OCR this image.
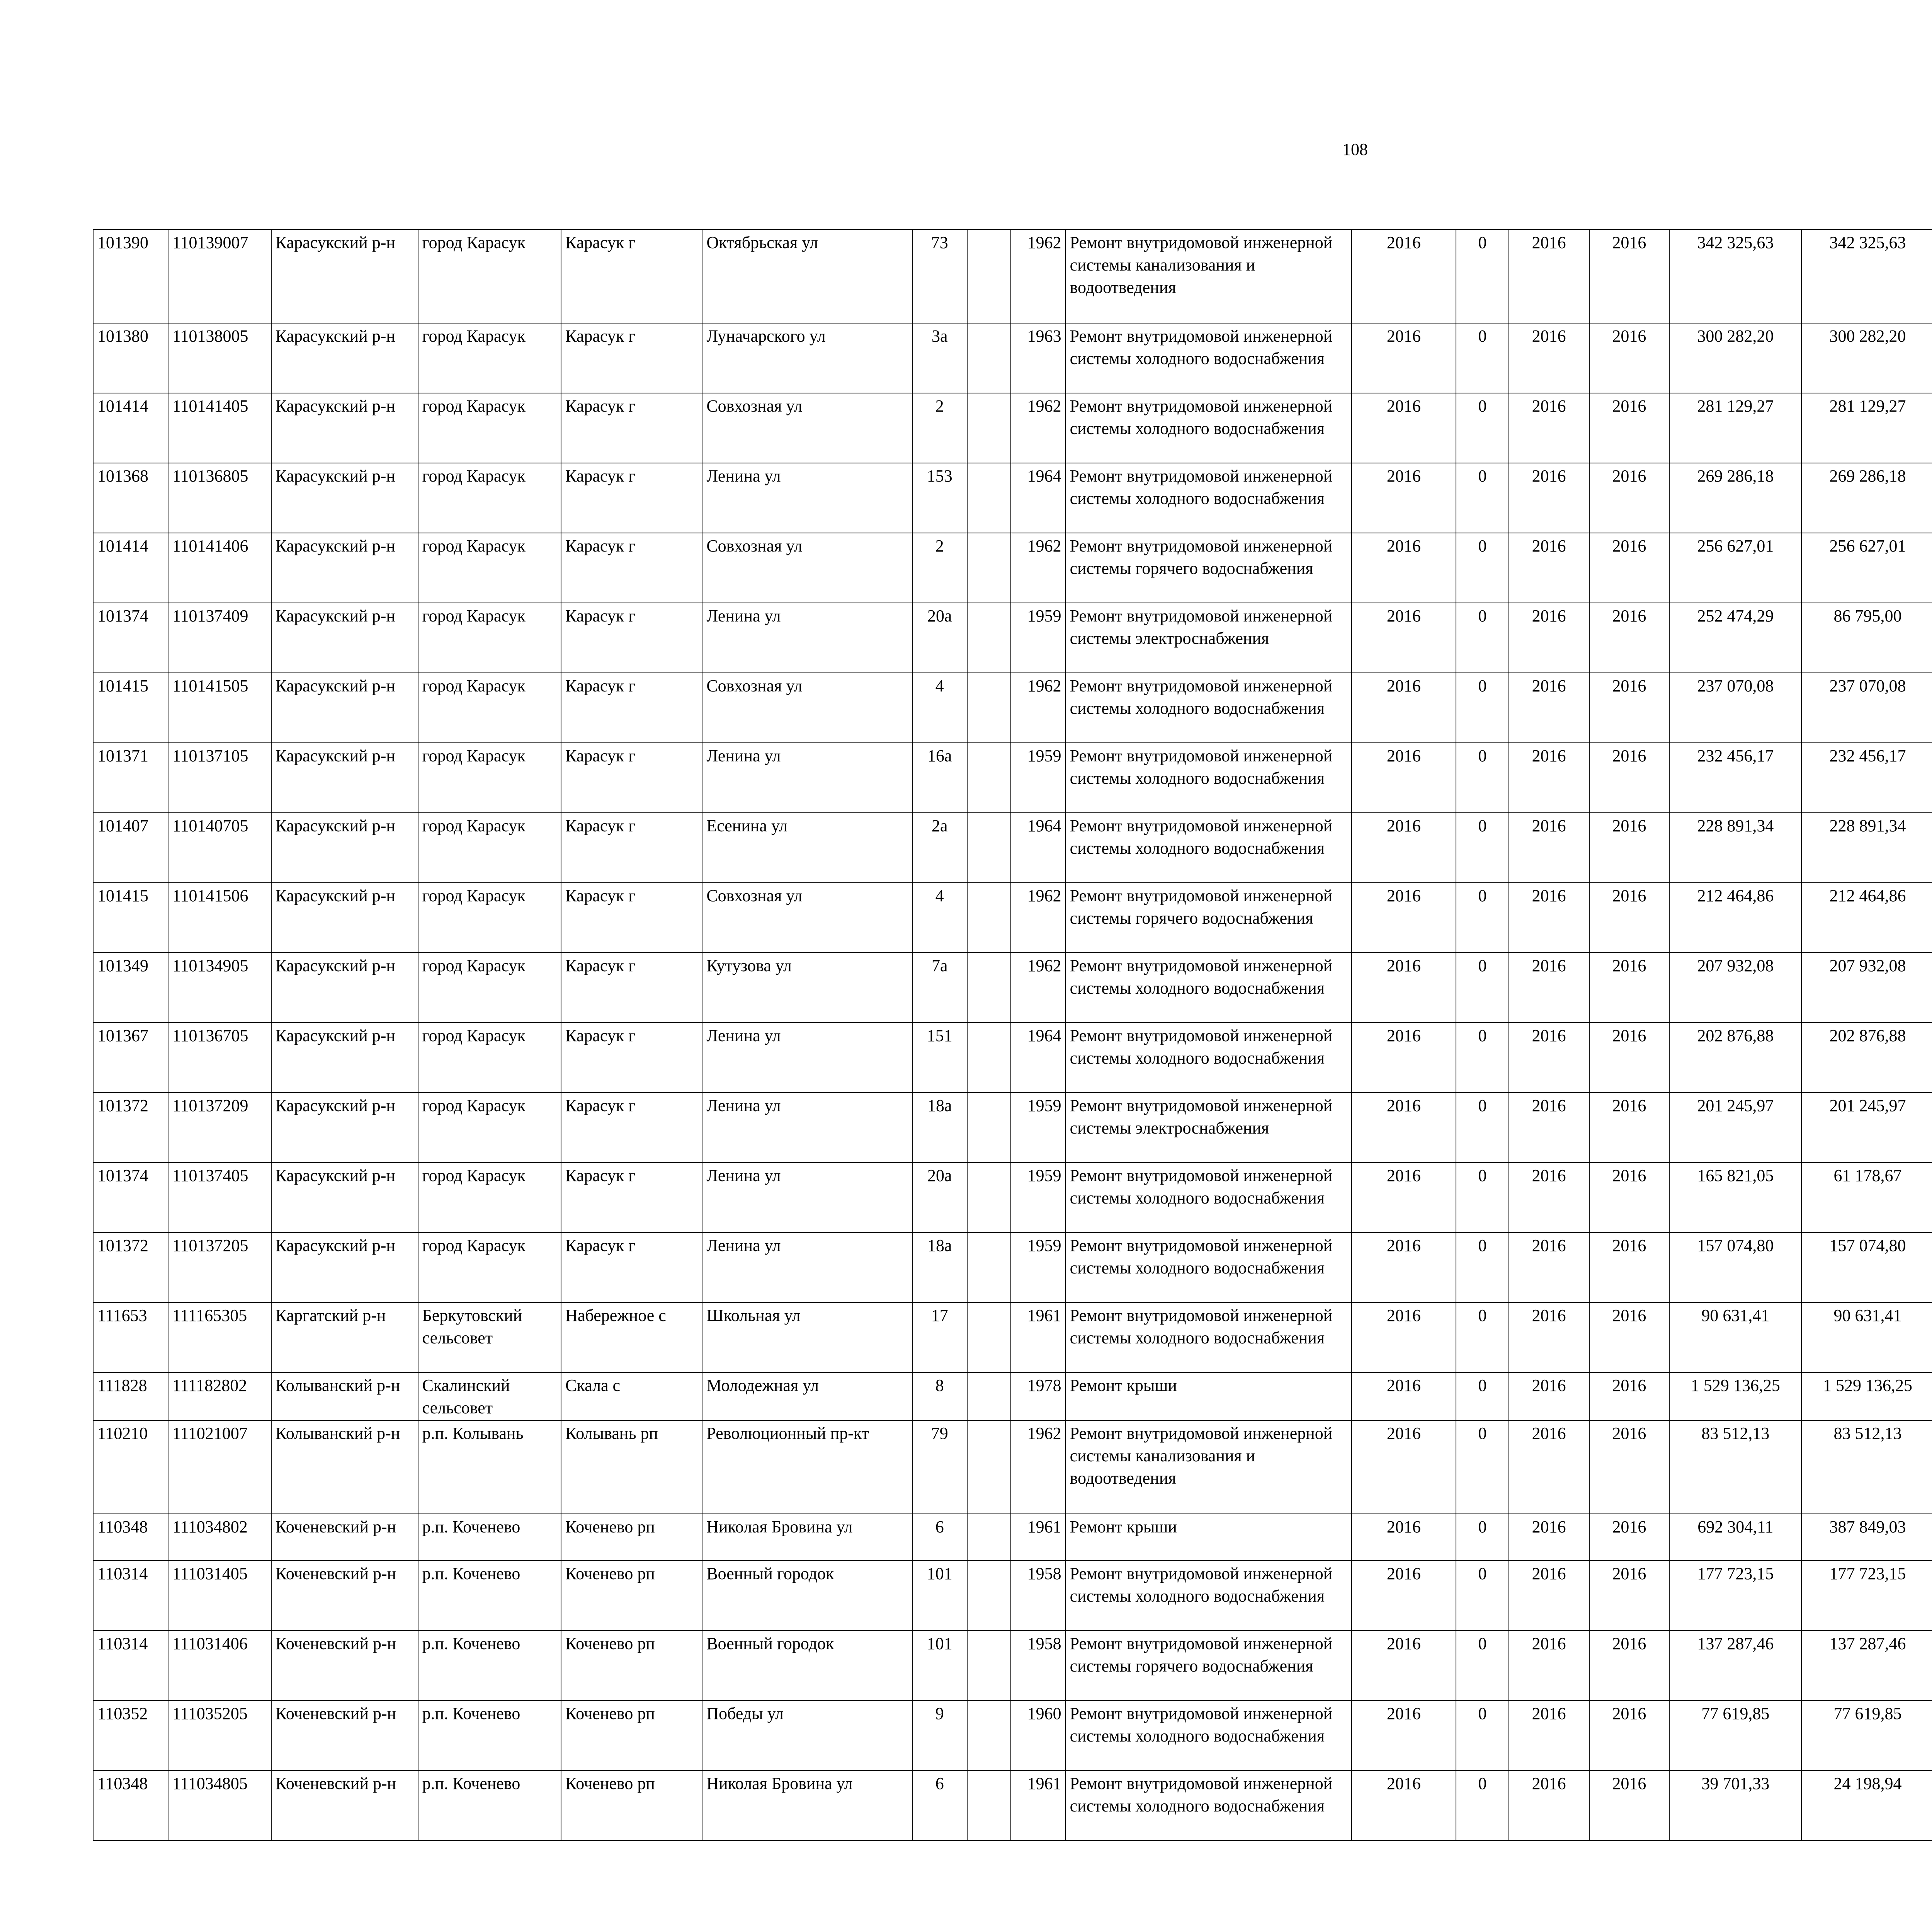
108
101390	110139007	Карасукский р-н	город Карасук	Карасук г	Октябрьская ул	73		1962	Ремонт внутридомовой инженерной системы канализования и водоотведения	2016	0	2016	2016	342 325,63	342 325,63					
101380	110138005	Карасукский р-н	город Карасук	Карасук г	Луначарского ул	3а		1963	Ремонт внутридомовой инженерной системы холодного водоснабжения	2016	0	2016	2016	300 282,20	300 282,20					
101414	110141405	Карасукский р-н	город Карасук	Карасук г	Совхозная ул	2		1962	Ремонт внутридомовой инженерной системы холодного водоснабжения	2016	0	2016	2016	281 129,27	281 129,27					
101368	110136805	Карасукский р-н	город Карасук	Карасук г	Ленина ул	153		1964	Ремонт внутридомовой инженерной системы холодного водоснабжения	2016	0	2016	2016	269 286,18	269 286,18					
101414	110141406	Карасукский р-н	город Карасук	Карасук г	Совхозная ул	2		1962	Ремонт внутридомовой инженерной системы горячего водоснабжения	2016	0	2016	2016	256 627,01	256 627,01					
101374	110137409	Карасукский р-н	город Карасук	Карасук г	Ленина ул	20а		1959	Ремонт внутридомовой инженерной системы электроснабжения	2016	0	2016	2016	252 474,29	86 795,00					
101415	110141505	Карасукский р-н	город Карасук	Карасук г	Совхозная ул	4		1962	Ремонт внутридомовой инженерной системы холодного водоснабжения	2016	0	2016	2016	237 070,08	237 070,08					
101371	110137105	Карасукский р-н	город Карасук	Карасук г	Ленина ул	16а		1959	Ремонт внутридомовой инженерной системы холодного водоснабжения	2016	0	2016	2016	232 456,17	232 456,17					
101407	110140705	Карасукский р-н	город Карасук	Карасук г	Есенина ул	2а		1964	Ремонт внутридомовой инженерной системы холодного водоснабжения	2016	0	2016	2016	228 891,34	228 891,34					
101415	110141506	Карасукский р-н	город Карасук	Карасук г	Совхозная ул	4		1962	Ремонт внутридомовой инженерной системы горячего водоснабжения	2016	0	2016	2016	212 464,86	212 464,86					
101349	110134905	Карасукский р-н	город Карасук	Карасук г	Кутузова ул	7а		1962	Ремонт внутридомовой инженерной системы холодного водоснабжения	2016	0	2016	2016	207 932,08	207 932,08					
101367	110136705	Карасукский р-н	город Карасук	Карасук г	Ленина ул	151		1964	Ремонт внутридомовой инженерной системы холодного водоснабжения	2016	0	2016	2016	202 876,88	202 876,88					
101372	110137209	Карасукский р-н	город Карасук	Карасук г	Ленина ул	18а		1959	Ремонт внутридомовой инженерной системы электроснабжения	2016	0	2016	2016	201 245,97	201 245,97					
101374	110137405	Карасукский р-н	город Карасук	Карасук г	Ленина ул	20а		1959	Ремонт внутридомовой инженерной системы холодного водоснабжения	2016	0	2016	2016	165 821,05	61 178,67					
101372	110137205	Карасукский р-н	город Карасук	Карасук г	Ленина ул	18а		1959	Ремонт внутридомовой инженерной системы холодного водоснабжения	2016	0	2016	2016	157 074,80	157 074,80					
111653	111165305	Каргатский р-н	Беркутовский сельсовет	Набережное с	Школьная ул	17		1961	Ремонт внутридомовой инженерной системы холодного водоснабжения	2016	0	2016	2016	90 631,41	90 631,41					
111828	111182802	Колыванский р-н	Скалинский сельсовет	Скала с	Молодежная ул	8		1978	Ремонт крыши	2016	0	2016	2016	1 529 136,25	1 529 136,25					
110210	111021007	Колыванский р-н	р.п. Колывань	Колывань рп	Революционный пр-кт	79		1962	Ремонт внутридомовой инженерной системы канализования и водоотведения	2016	0	2016	2016	83 512,13	83 512,13					
110348	111034802	Коченевский р-н	р.п. Коченево	Коченево рп	Николая Бровина ул	6		1961	Ремонт крыши	2016	0	2016	2016	692 304,11	387 849,03					
110314	111031405	Коченевский р-н	р.п. Коченево	Коченево рп	Военный городок	101		1958	Ремонт внутридомовой инженерной системы холодного водоснабжения	2016	0	2016	2016	177 723,15	177 723,15					
110314	111031406	Коченевский р-н	р.п. Коченево	Коченево рп	Военный городок	101		1958	Ремонт внутридомовой инженерной системы горячего водоснабжения	2016	0	2016	2016	137 287,46	137 287,46					
110352	111035205	Коченевский р-н	р.п. Коченево	Коченево рп	Победы ул	9		1960	Ремонт внутридомовой инженерной системы холодного водоснабжения	2016	0	2016	2016	77 619,85	77 619,85					
110348	111034805	Коченевский р-н	р.п. Коченево	Коченево рп	Николая Бровина ул	6		1961	Ремонт внутридомовой инженерной системы холодного водоснабжения	2016	0	2016	2016	39 701,33	24 198,94					
